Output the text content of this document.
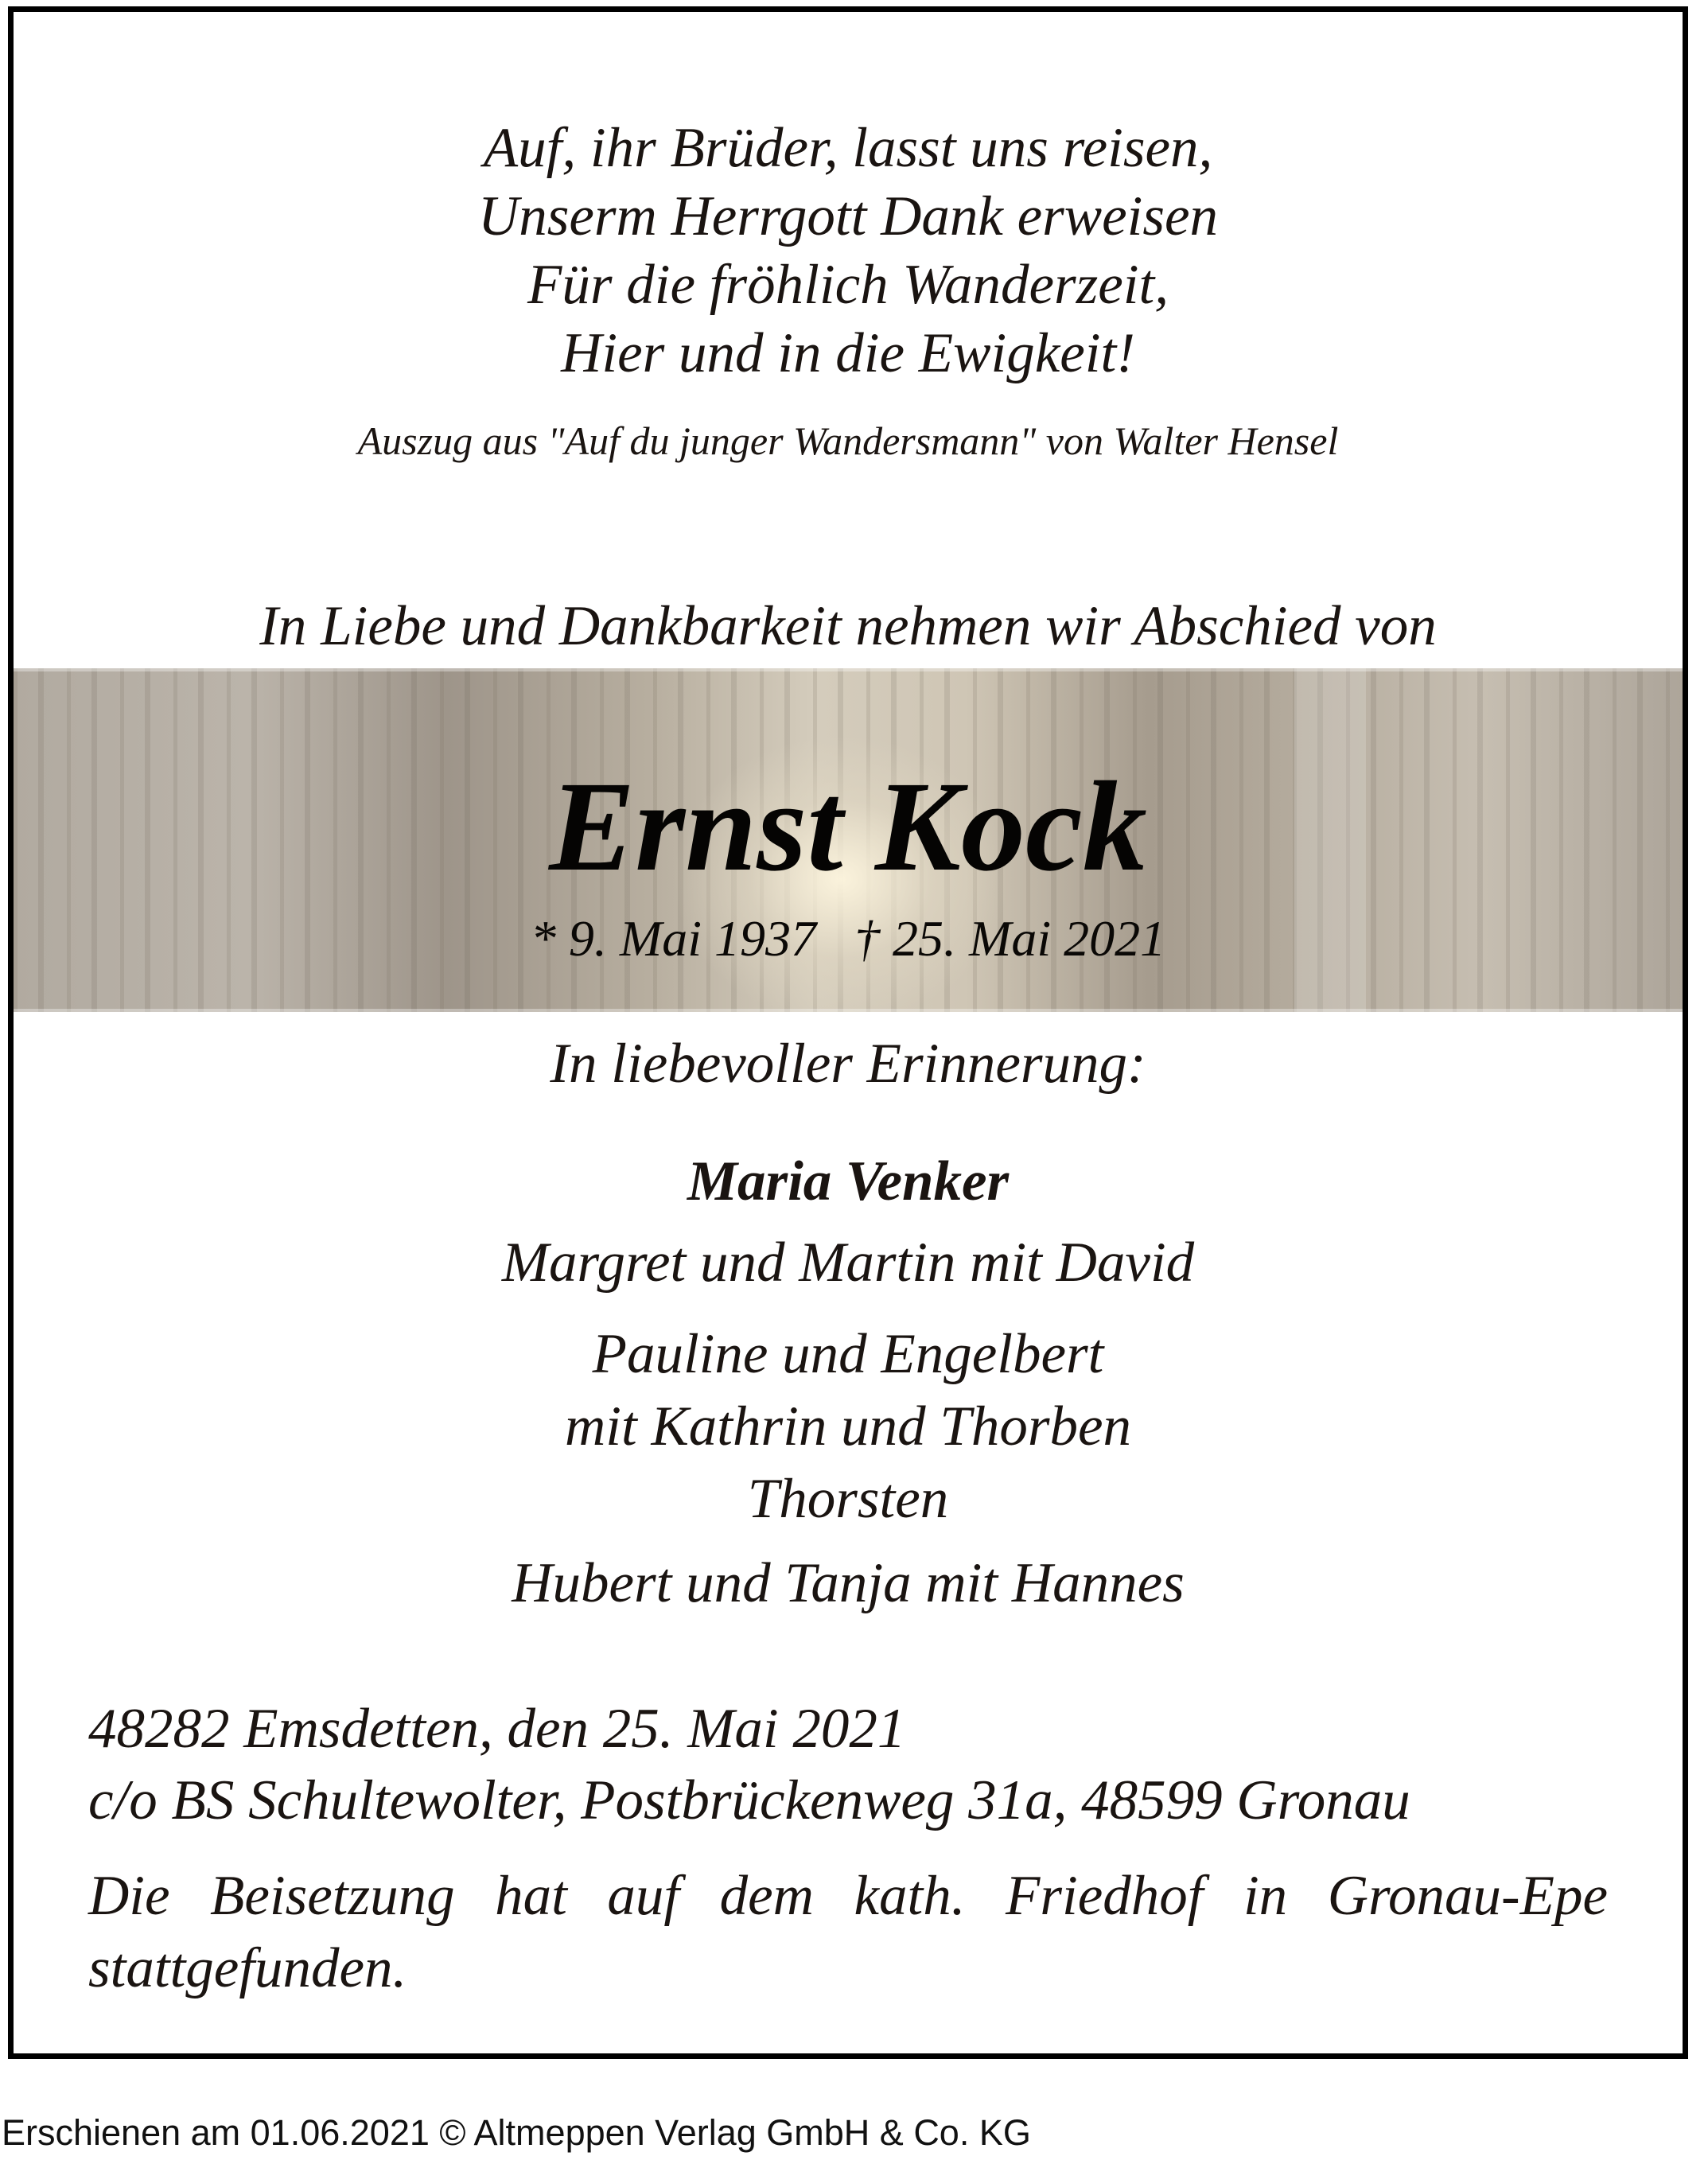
Auf, ihr Brüder, lasst uns reisen,
Unserm Herrgott Dank erweisen
Für die fröhlich Wanderzeit,
Hier und in die Ewigkeit!
Auszug aus "Auf du junger Wandersmann" von Walter Hensel
In Liebe und Dankbarkeit nehmen wir Abschied von
Ernst Kock
* 9. Mai 1937   † 25. Mai 2021
In liebevoller Erinnerung:
Maria Venker
Margret und Martin mit David
Pauline und Engelbert
mit Kathrin und Thorben
Thorsten
Hubert und Tanja mit Hannes
48282 Emsdetten, den 25. Mai 2021
c/o BS Schultewolter, Postbrückenweg 31a, 48599 Gronau
Die Beisetzung hat auf dem kath. Friedhof in Gronau-Epe stattgefunden.
Erschienen am 01.06.2021 © Altmeppen Verlag GmbH & Co. KG
